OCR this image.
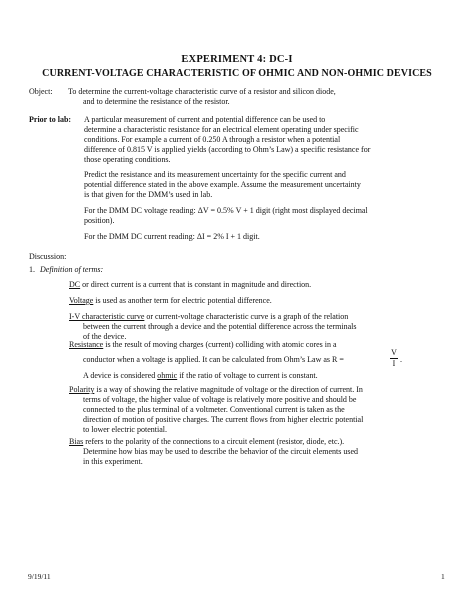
EXPERIMENT 4: DC-I
CURRENT-VOLTAGE CHARACTERISTIC OF OHMIC AND NON-OHMIC DEVICES
Object: To determine the current-voltage characteristic curve of a resistor and silicon diode,
and to determine the resistance of the resistor.
Prior to lab: A particular measurement of current and potential difference can be used to
determine a characteristic resistance for an electrical element operating under specific
conditions. For example a current of 0.250 A through a resistor when a potential
difference of 0.815 V is applied yields (according to Ohm’s Law) a specific resistance for
those operating conditions.
Predict the resistance and its measurement uncertainty for the specific current and
potential difference stated in the above example. Assume the measurement uncertainty
is that given for the DMM’s used in lab.
For the DMM DC voltage reading: ΔV = 0.5% V + 1 digit (right most displayed decimal
position).
For the DMM DC current reading: ΔI = 2% I + 1 digit.
Discussion:
1. Definition of terms:
DC or direct current is a current that is constant in magnitude and direction.
Voltage is used as another term for electric potential difference.
I-V characteristic curve or current-voltage characteristic curve is a graph of the relation
between the current through a device and the potential difference across the terminals
of the device.
Resistance is the result of moving charges (current) colliding with atomic cores in a
conductor when a voltage is applied. It can be calculated from Ohm’s Law as R =
V
I .
A device is considered ohmic if the ratio of voltage to current is constant.
Polarity is a way of showing the relative magnitude of voltage or the direction of current. In
terms of voltage, the higher value of voltage is relatively more positive and should be
connected to the plus terminal of a voltmeter. Conventional current is taken as the
direction of motion of positive charges. The current flows from higher electric potential
to lower electric potential.
Bias refers to the polarity of the connections to a circuit element (resistor, diode, etc.).
Determine how bias may be used to describe the behavior of the circuit elements used
in this experiment.
9/19/11	1
